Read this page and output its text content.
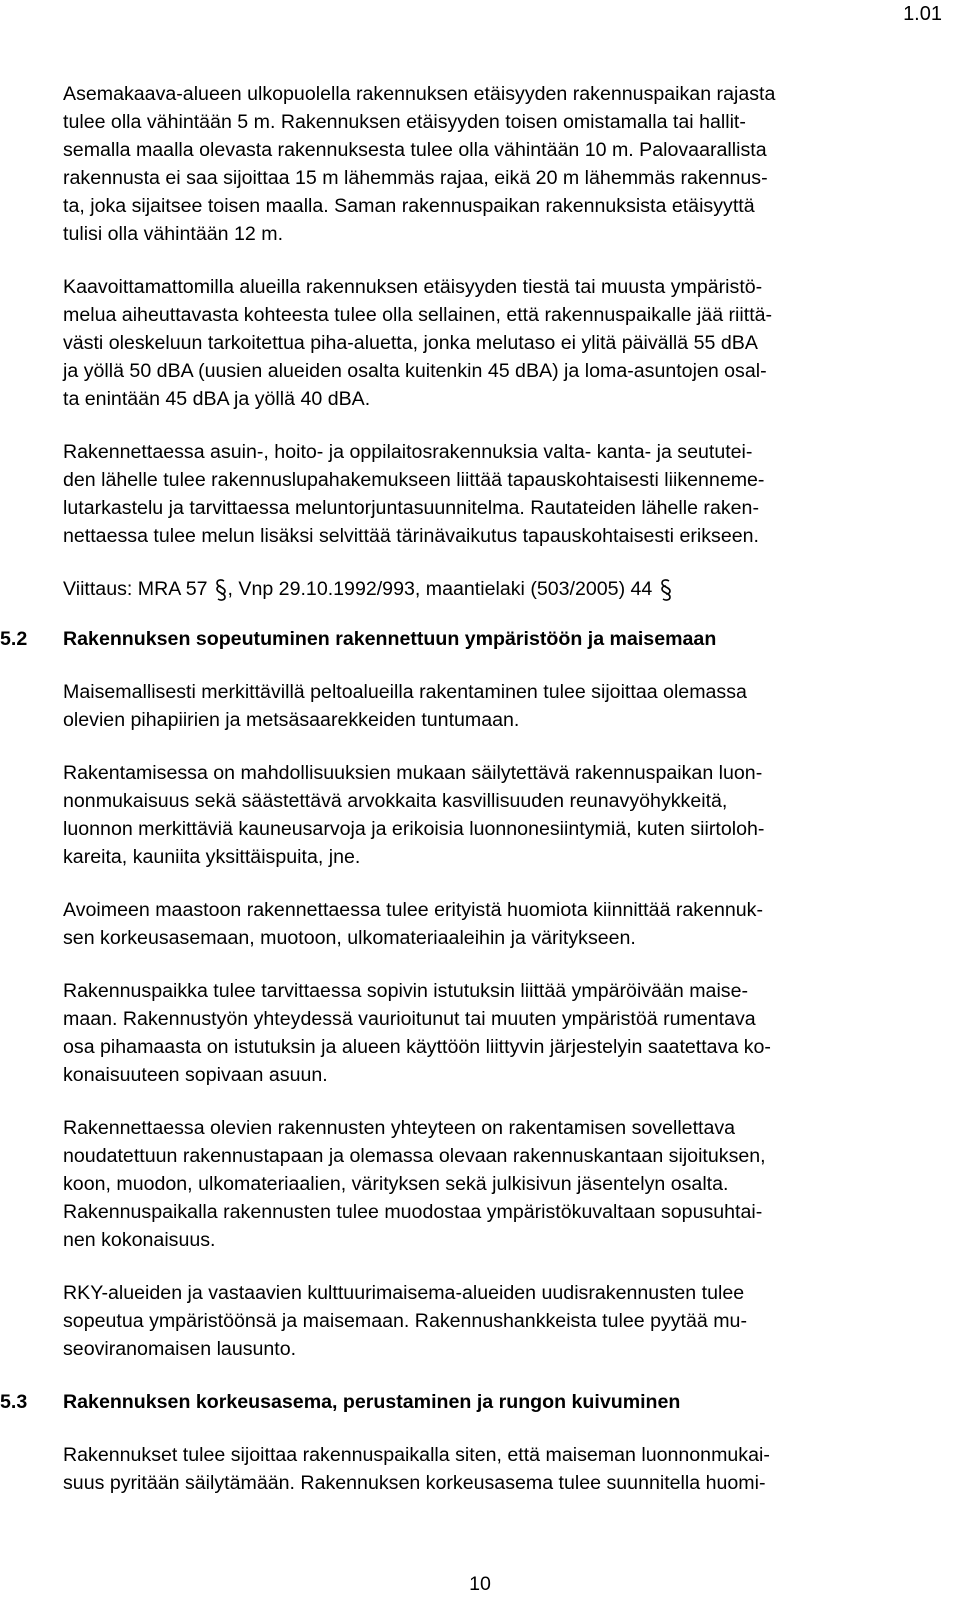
1.01

Asemakaava-alueen ulkopuolella rakennuksen etäisyyden rakennuspaikan rajasta
tulee olla vähintään 5 m. Rakennuksen etäisyyden toisen omistamalla tai hallit-
semalla maalla olevasta rakennuksesta tulee olla vähintään 10 m. Palovaarallista
rakennusta ei saa sijoittaa 15 m lähemmäs rajaa, eikä 20 m lähemmäs rakennus-
ta, joka sijaitsee toisen maalla. Saman rakennuspaikan rakennuksista etäisyyttä
tulisi olla vähintään 12 m.

Kaavoittamattomilla alueilla rakennuksen etäisyyden tiestä tai muusta ympäristö-
melua aiheuttavasta kohteesta tulee olla sellainen, että rakennuspaikalle jää riittä-
västi oleskeluun tarkoitettua piha-aluetta, jonka melutaso ei ylitä päivällä 55 dBA
ja yöllä 50 dBA (uusien alueiden osalta kuitenkin 45 dBA) ja loma-asuntojen osal-
ta enintään 45 dBA ja yöllä 40 dBA.

Rakennettaessa asuin-, hoito- ja oppilaitosrakennuksia valta- kanta- ja seututei-
den lähelle tulee rakennuslupahakemukseen liittää tapauskohtaisesti liikenneme-
lutarkastelu ja tarvittaessa meluntorjuntasuunnitelma. Rautateiden lähelle raken-
nettaessa tulee melun lisäksi selvittää tärinävaikutus tapauskohtaisesti erikseen.

Viittaus: MRA 57 , Vnp 29.10.1992/993, maantielaki (503/2005) 44

5.2	Rakennuksen sopeutuminen rakennettuun ympäristöön ja maisemaan

Maisemallisesti merkittävillä peltoalueilla rakentaminen tulee sijoittaa olemassa
olevien pihapiirien ja metsäsaarekkeiden tuntumaan.

Rakentamisessa on mahdollisuuksien mukaan säilytettävä rakennuspaikan luon-
nonmukaisuus sekä säästettävä arvokkaita kasvillisuuden reunavyöhykkeitä,
luonnon merkittäviä kauneusarvoja ja erikoisia luonnonesiintymiä, kuten siirtoloh-
kareita, kauniita yksittäispuita, jne.

Avoimeen maastoon rakennettaessa tulee erityistä huomiota kiinnittää rakennuk-
sen korkeusasemaan, muotoon, ulkomateriaaleihin ja väritykseen.

Rakennuspaikka tulee tarvittaessa sopivin istutuksin liittää ympäröivään maise-
maan. Rakennustyön yhteydessä vaurioitunut tai muuten ympäristöä rumentava
osa pihamaasta on istutuksin ja alueen käyttöön liittyvin järjestelyin saatettava ko-
konaisuuteen sopivaan asuun.

Rakennettaessa olevien rakennusten yhteyteen on rakentamisen sovellettava
noudatettuun rakennustapaan ja olemassa olevaan rakennuskantaan sijoituksen,
koon, muodon, ulkomateriaalien, värityksen sekä julkisivun jäsentelyn osalta.
Rakennuspaikalla rakennusten tulee muodostaa ympäristökuvaltaan sopusuhtai-
nen kokonaisuus.

RKY-alueiden ja vastaavien kulttuurimaisema-alueiden uudisrakennusten tulee
sopeutua ympäristöönsä ja maisemaan. Rakennushankkeista tulee pyytää mu-
seoviranomaisen lausunto.

5.3	Rakennuksen korkeusasema, perustaminen ja rungon kuivuminen

Rakennukset tulee sijoittaa rakennuspaikalla siten, että maiseman luonnonmukai-
suus pyritään säilytämään. Rakennuksen korkeusasema tulee suunnitella huomi-

10
